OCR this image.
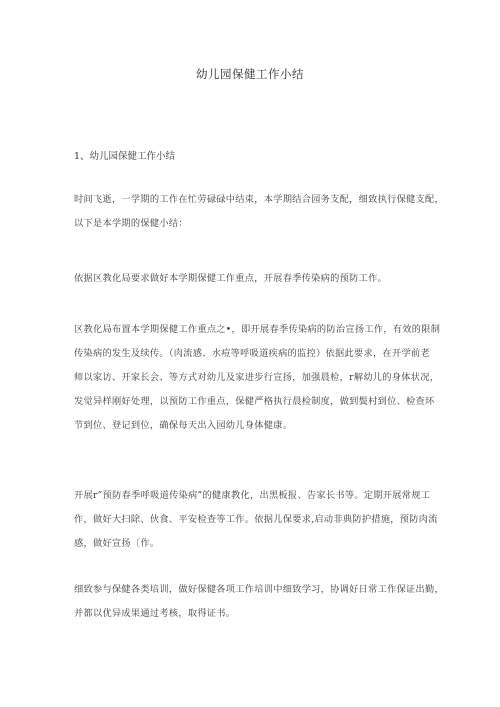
幼儿园保健工作小结
1、幼儿园保健工作小结
时间飞逝，一学期的工作在忙劳碌碌中结束，本学期结合园务支配，细致执行保健支配，
以下是本学期的保健小结：
依据区教化局要求做好本学期保健工作重点，开展春季传染病的预防工作。
区教化局布置本学期保健工作重点之•，即开展春季传染病的防治宣扬工作，有效的限制
传染病的发生及续传。（肉流感、水痘等呼吸道疾病的监控）依据此要求，在开学前老
师以家访、开家长会、等方式对幼儿及家进步行宣扬，加强晨检，r解幼儿的身体状况，
发觉异样刚好处理，以预防工作重点，保健严格执行晨检制度，做到鬓村到位、检查环
节到位、登记到位，确保每天出入园幼儿身体健康。
开展r”预防春季呼吸道传染病”的健康教化，出黑板报、告家长书等。定期开展常规工
作，做好大扫除、伙食、平安检查等工作。依据儿保要求,启动非典防护措施，预防肉流
感，做好宣扬〔作。
细致参与保健各类培训，做好保健各项工作培训中细致学习，协调好日常工作保证出勤，
并都以优异成果通过考核，取得证书。
